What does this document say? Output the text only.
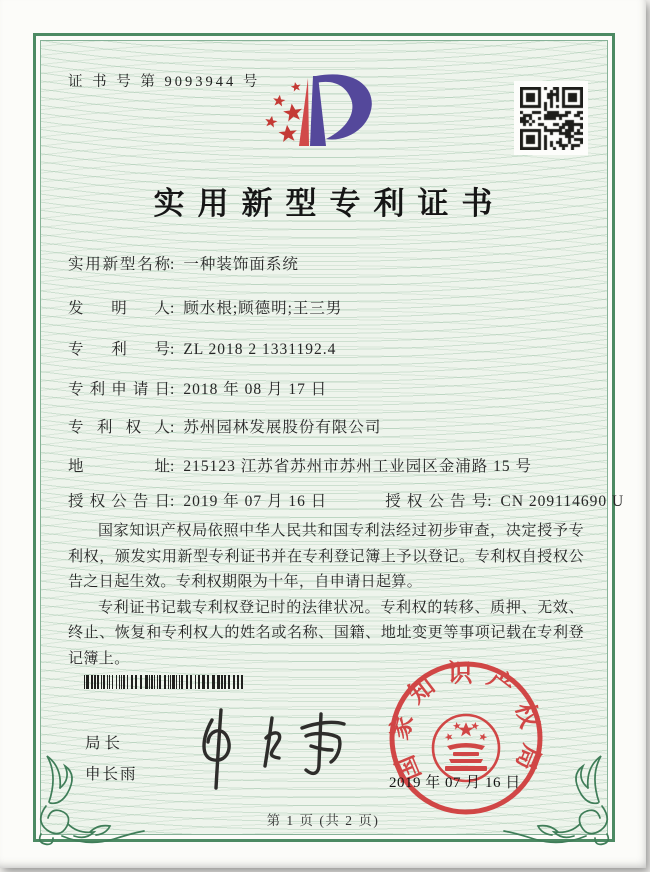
证 书 号 第 9093944 号
实用新型专利证书
实用新型名称: 一种装饰面系统
发明人: 顾水根;顾德明;王三男
专利号: ZL 2018 2 1331192.4
专利申请日: 2018 年 08 月 17 日
专利权人: 苏州园林发展股份有限公司
地址: 215123 江苏省苏州市苏州工业园区金浦路 15 号
授权公告日: 2019 年 07 月 16 日	授权公告号: CN 209114690 U

国家知识产权局依照中华人民共和国专利法经过初步审查，决定授予专利权，颁发实用新型专利证书并在专利登记簿上予以登记。专利权自授权公告之日起生效。专利权期限为十年，自申请日起算。

专利证书记载专利权登记时的法律状况。专利权的转移、质押、无效、终止、恢复和专利权人的姓名或名称、国籍、地址变更等事项记载在专利登记簿上。

局长
申长雨	国家知识产权局
2019 年 07 月 16 日
第 1 页 (共 2 页)
